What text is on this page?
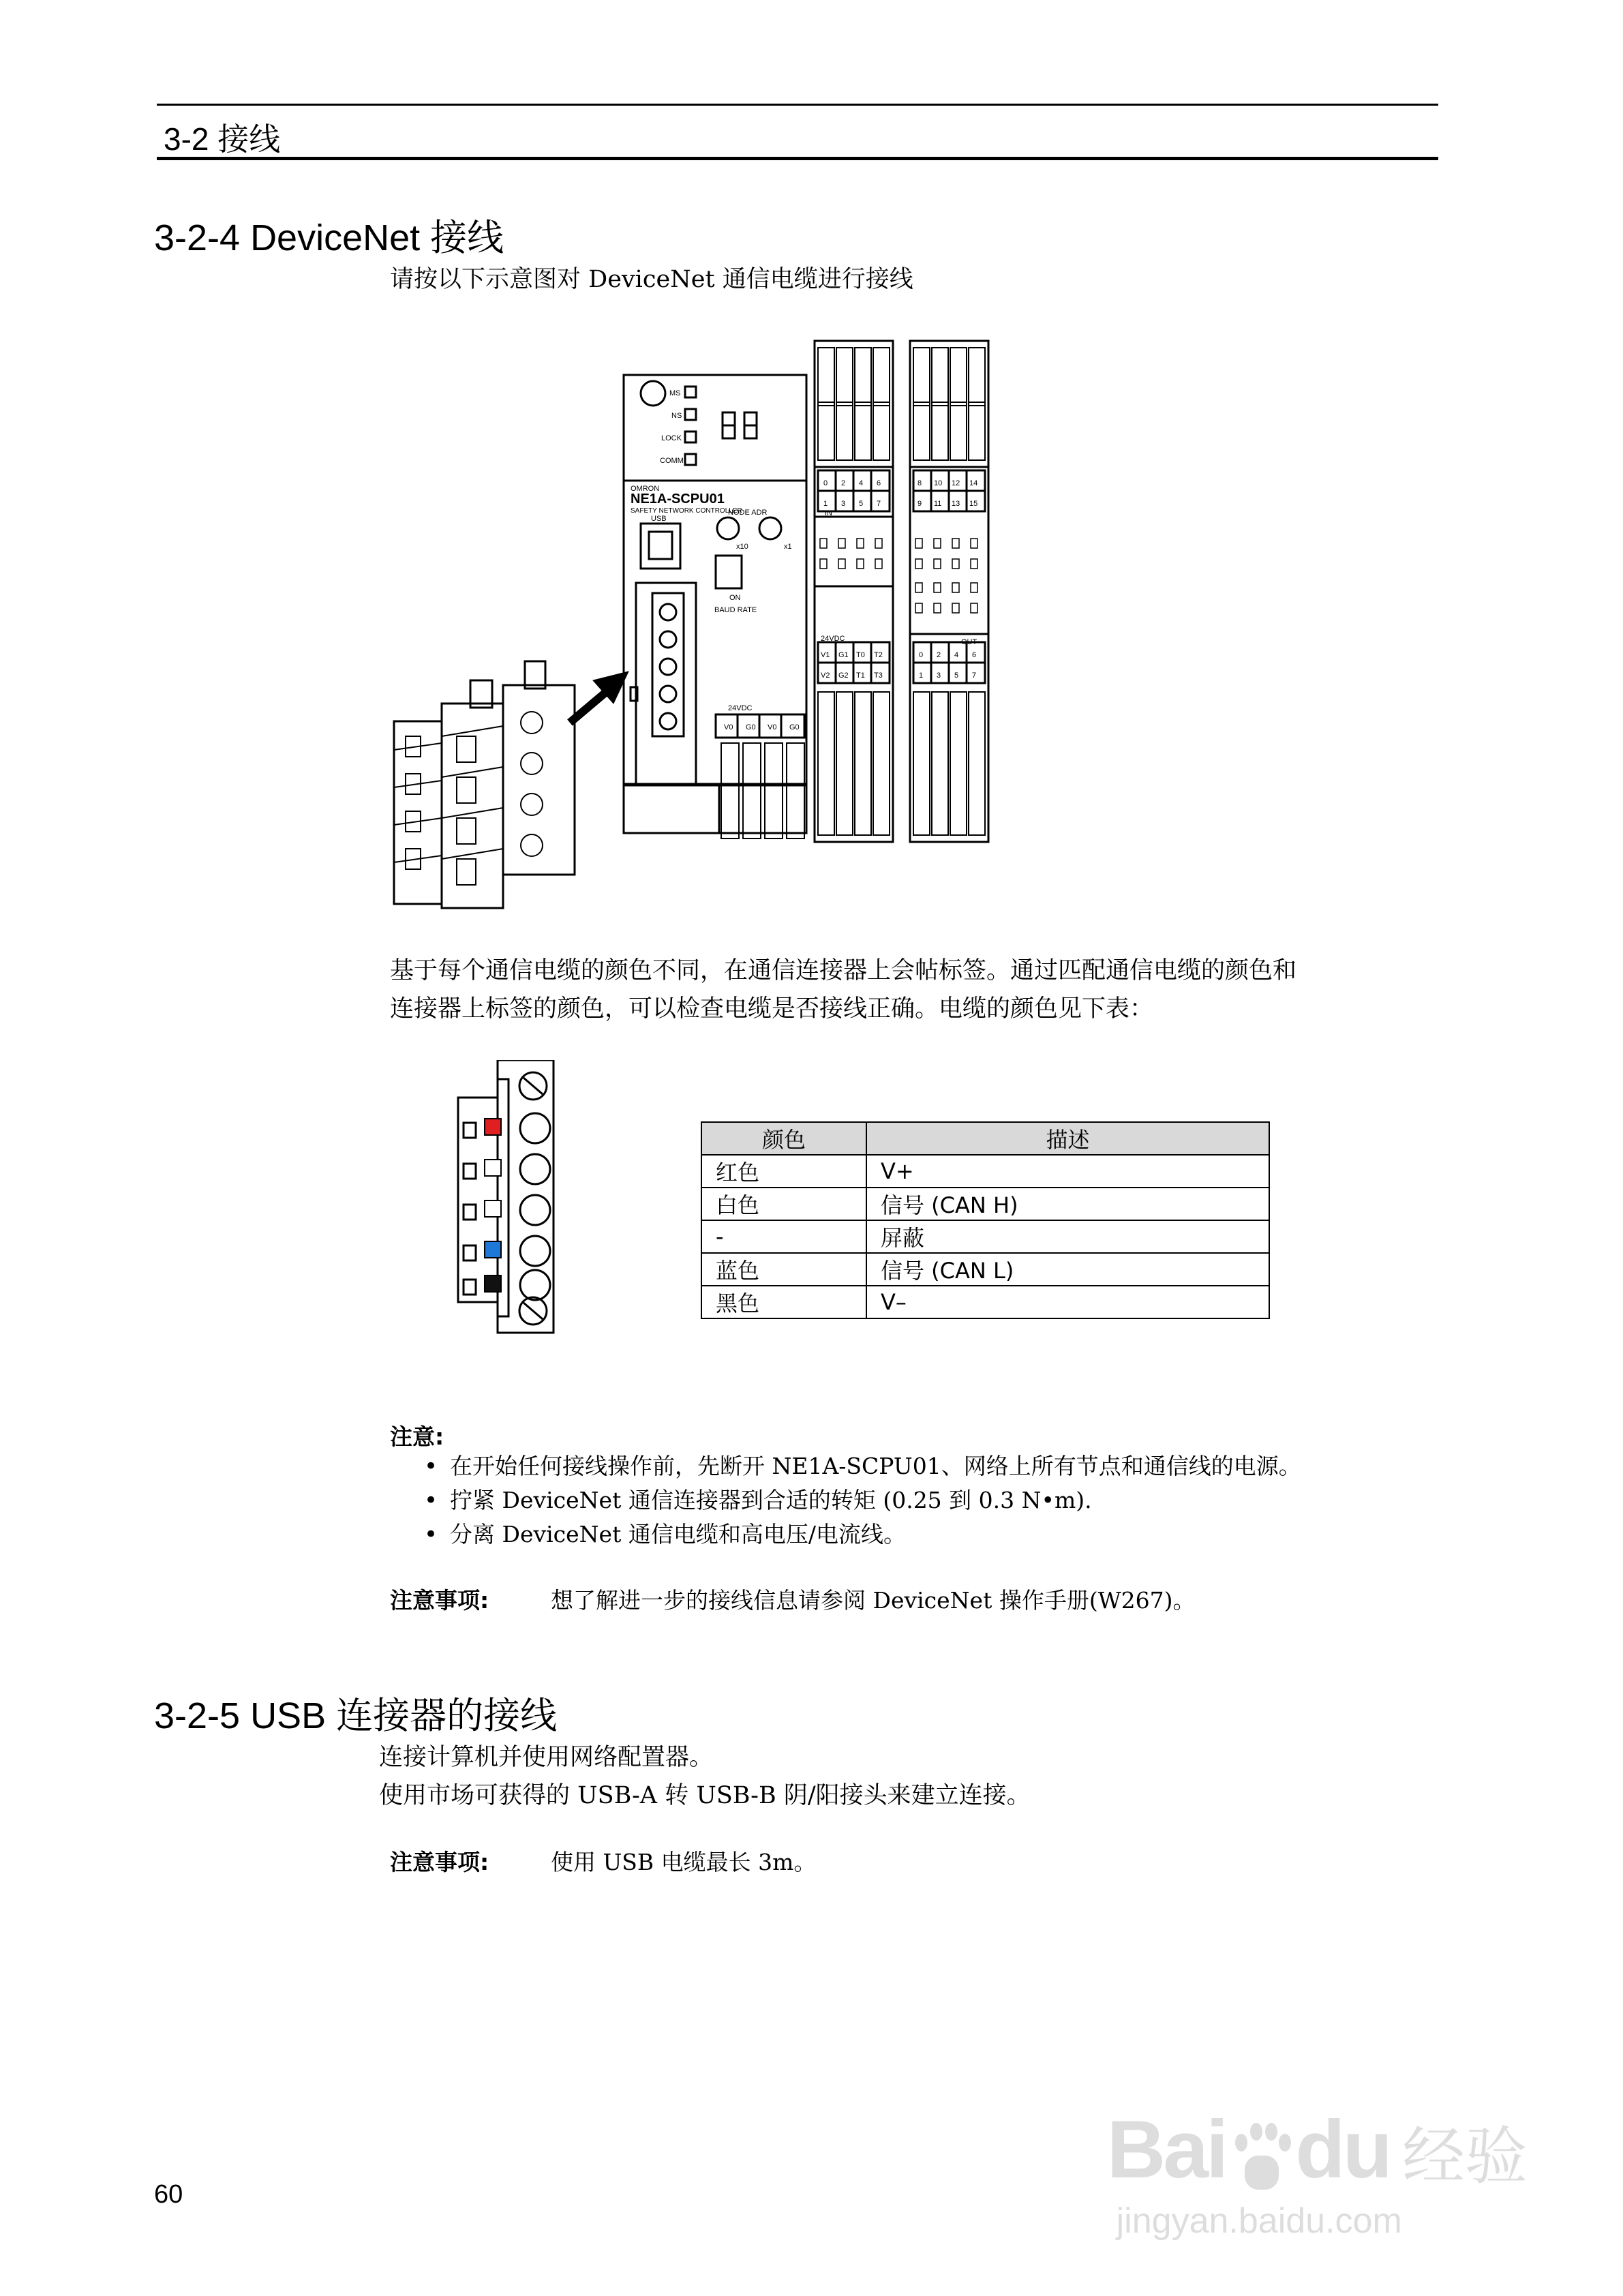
3-2 接线
3-2-4 DeviceNet 接线
请按以下示意图对 DeviceNet 通信电缆进行接线
MS
NS
LOCK
COMM
OMRON
NE1A-SCPU01
SAFETY NETWORK CONTROLLER
USB
NODE ADR
x10	x1
ON
BAUD RATE
24VDC
V0 G0 V0 G0
IN
OUT
24VDC
0 2 4 6
1 3 5 7
8 10 12 14
9 11 13 15
V1 G1 T0 T2
V2 G2 T1 T3
0 2 4 6
1 3 5 7
基于每个通信电缆的颜色不同，在通信连接器上会帖标签。通过匹配通信电缆的颜色和
连接器上标签的颜色，可以检查电缆是否接线正确。电缆的颜色见下表：
颜色	描述
红色	V+
白色	信号 (CAN H)
-	屏蔽
蓝色	信号 (CAN L)
黑色	V–
注意:
• 在开始任何接线操作前，先断开 NE1A-SCPU01、网络上所有节点和通信线的电源。
• 拧紧 DeviceNet 通信连接器到合适的转矩 (0.25 到 0.3 N•m).
• 分离 DeviceNet 通信电缆和高电压/电流线。
注意事项:	想了解进一步的接线信息请参阅 DeviceNet 操作手册(W267)。
3-2-5 USB 连接器的接线
连接计算机并使用网络配置器。
使用市场可获得的 USB-A 转 USB-B 阴/阳接头来建立连接。
注意事项:	使用 USB 电缆最长 3m。
60	Bai du 经验
jingyan.baidu.com
